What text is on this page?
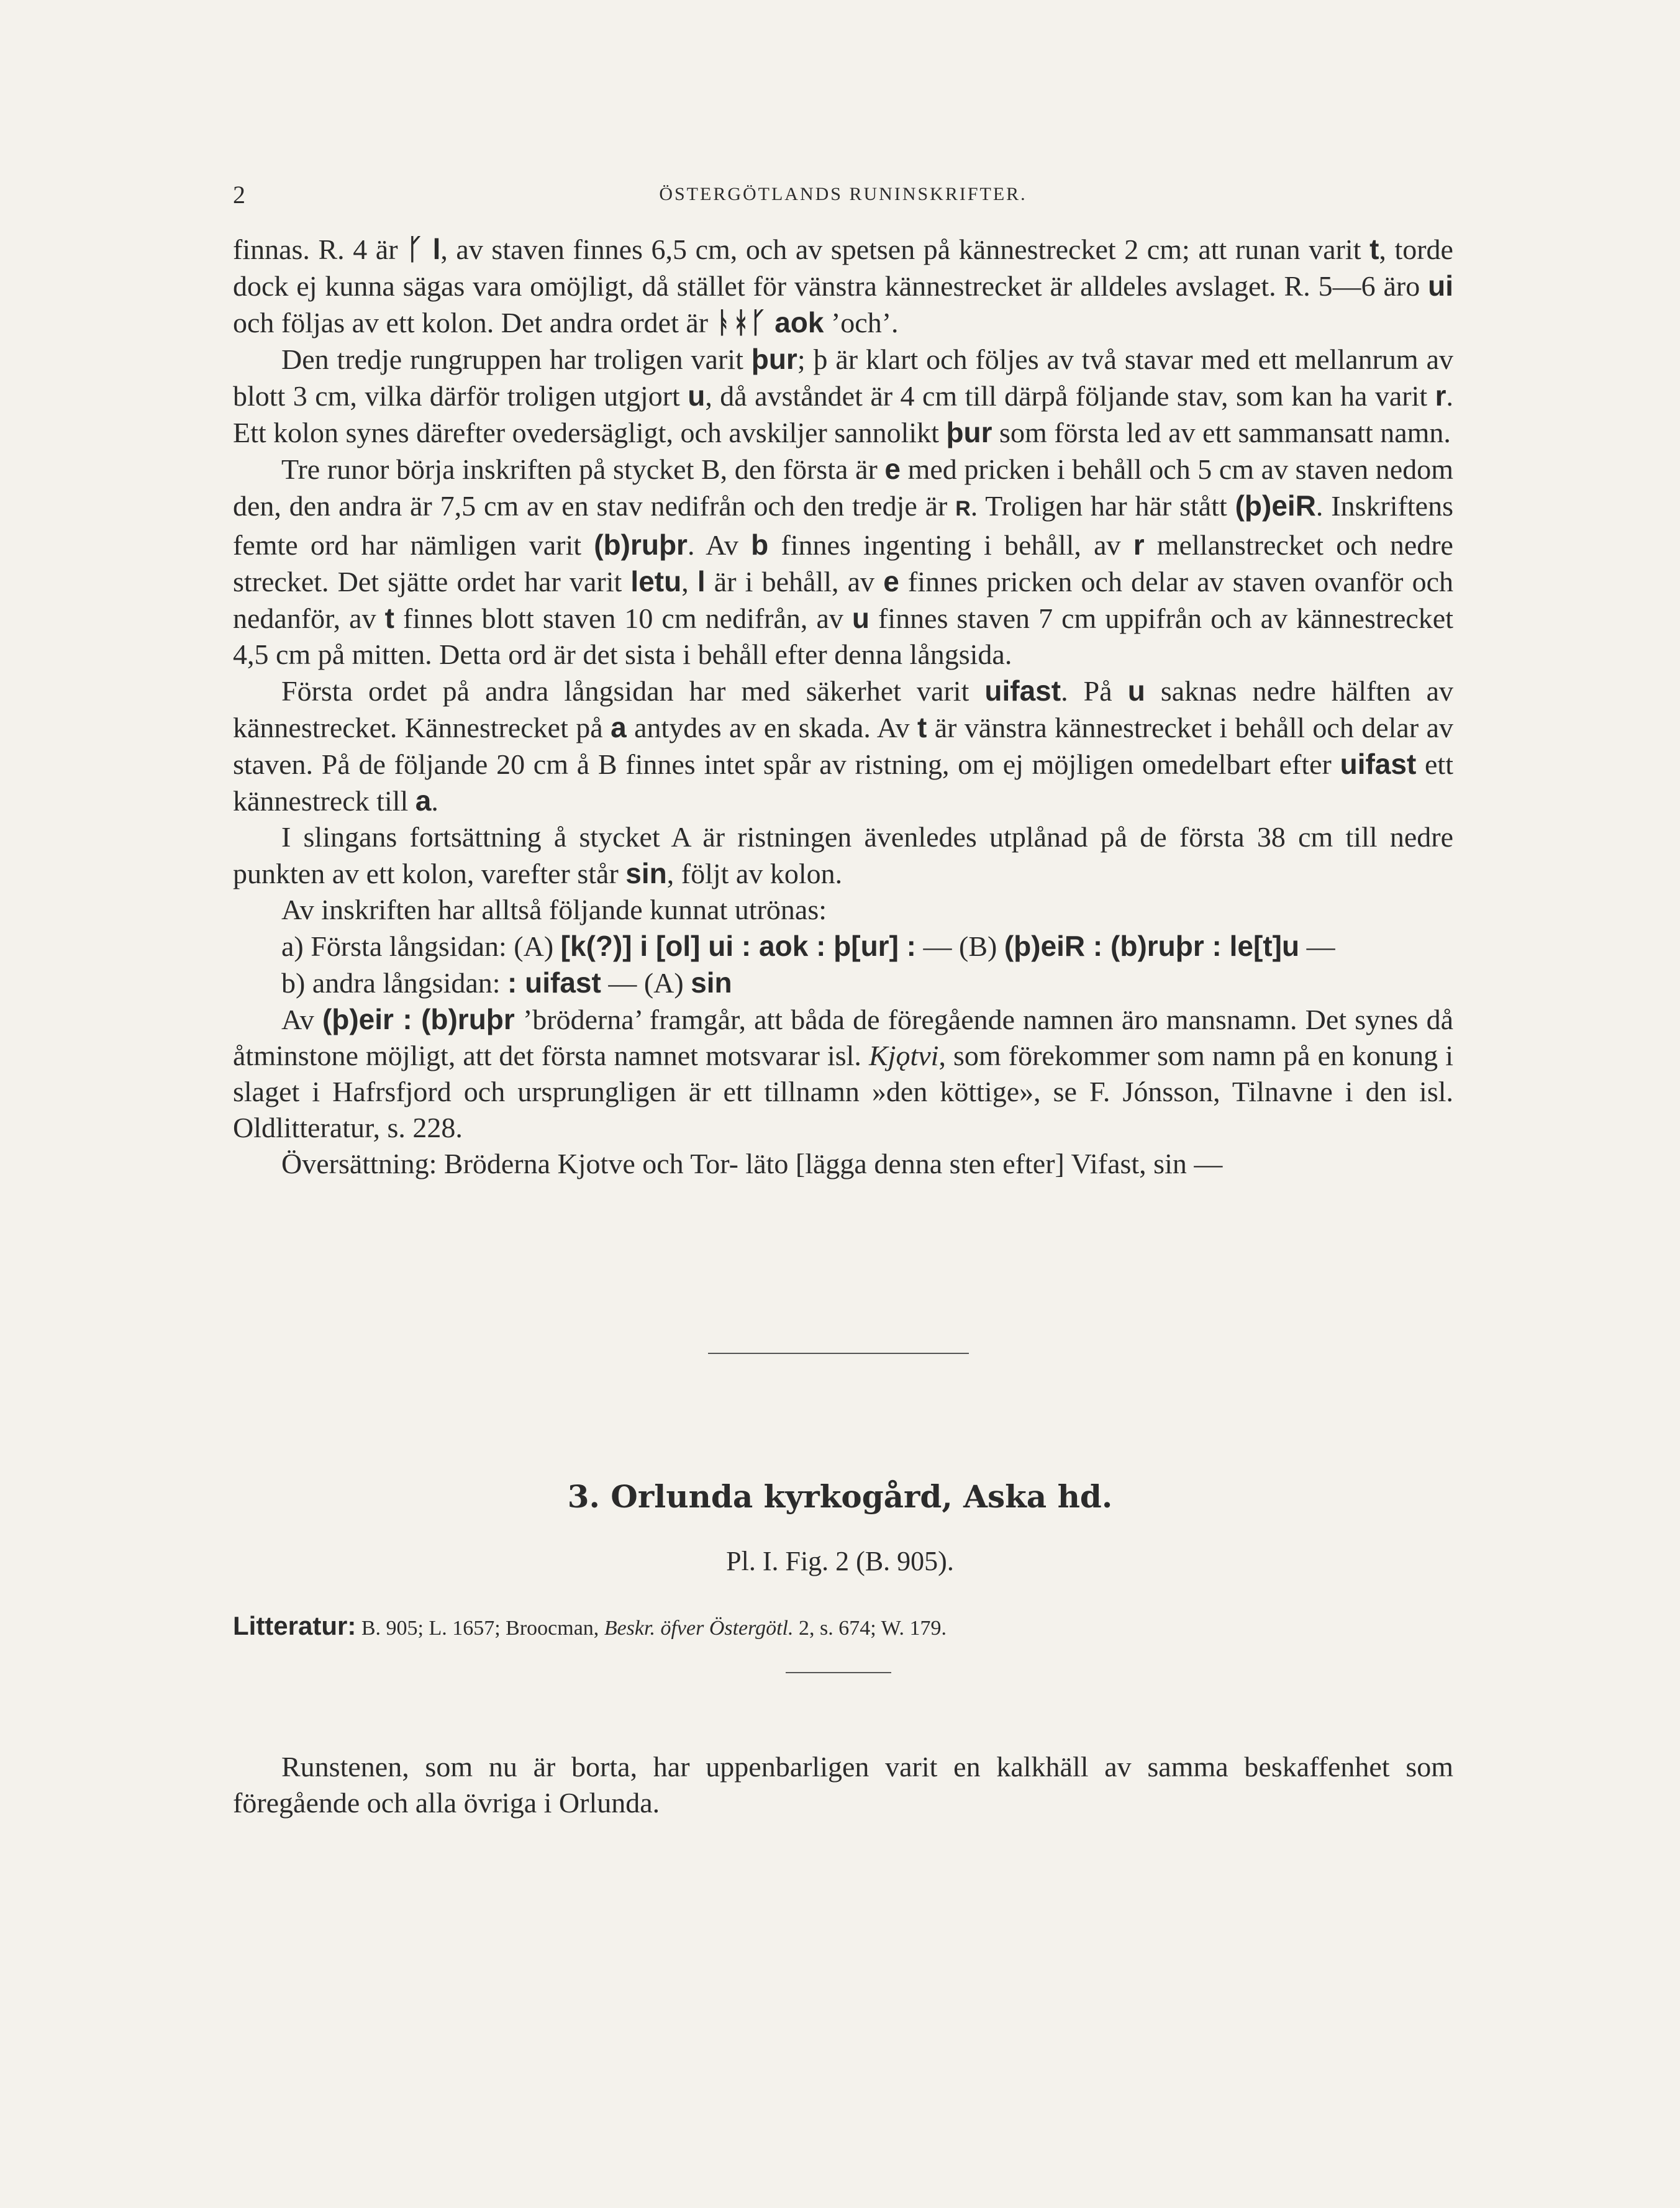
2	ÖSTERGÖTLANDS RUNINSKRIFTER.

finnas. R. 4 är ᚴ l, av staven finnes 6,5 cm, och av spetsen på kännestrecket 2 cm; att runan varit t, torde dock ej kunna sägas vara omöjligt, då stället för vänstra kännestrecket är alldeles avslaget. R. 5—6 äro ui och följas av ett kolon. Det andra ordet är ᚭᚼᚴ aok ’och’.

Den tredje rungruppen har troligen varit þur; þ är klart och följes av två stavar med ett mellanrum av blott 3 cm, vilka därför troligen utgjort u, då avståndet är 4 cm till därpå följande stav, som kan ha varit r. Ett kolon synes därefter ovedersägligt, och avskiljer sannolikt þur som första led av ett sammansatt namn.

Tre runor börja inskriften på stycket B, den första är e med pricken i behåll och 5 cm av staven nedom den, den andra är 7,5 cm av en stav nedifrån och den tredje är R. Troligen har här stått (þ)eiR. Inskriftens femte ord har nämligen varit (b)ruþr. Av b finnes ingenting i behåll, av r mellanstrecket och nedre strecket. Det sjätte ordet har varit letu, l är i behåll, av e finnes pricken och delar av staven ovanför och nedanför, av t finnes blott staven 10 cm nedifrån, av u finnes staven 7 cm uppifrån och av kännestrecket 4,5 cm på mitten. Detta ord är det sista i behåll efter denna långsida.

Första ordet på andra långsidan har med säkerhet varit uifast. På u saknas nedre hälften av kännestrecket. Kännestrecket på a antydes av en skada. Av t är vänstra kännestrecket i behåll och delar av staven. På de följande 20 cm å B finnes intet spår av ristning, om ej möjligen omedelbart efter uifast ett kännestreck till a.

I slingans fortsättning å stycket A är ristningen ävenledes utplånad på de första 38 cm till nedre punkten av ett kolon, varefter står sin, följt av kolon.

Av inskriften har alltså följande kunnat utrönas:

a) Första långsidan: (A) [k(?)] i [ol] ui : aok : þ[ur] : — (B) (þ)eiR : (b)ruþr : le[t]u —

b) andra långsidan: : uifast — (A) sin

Av (þ)eir : (b)ruþr ’bröderna’ framgår, att båda de föregående namnen äro mansnamn. Det synes då åtminstone möjligt, att det första namnet motsvarar isl. Kjǫtvi, som förekommer som namn på en konung i slaget i Hafrsfjord och ursprungligen är ett tillnamn »den köttige», se F. Jónsson, Tilnavne i den isl. Oldlitteratur, s. 228.

Översättning: Bröderna Kjotve och Tor- läto [lägga denna sten efter] Vifast, sin —

3. Orlunda kyrkogård, Aska hd.
Pl. I. Fig. 2 (B. 905).
Litteratur: B. 905; L. 1657; Broocman, Beskr. öfver Östergötl. 2, s. 674; W. 179.

Runstenen, som nu är borta, har uppenbarligen varit en kalkhäll av samma beskaffenhet som föregående och alla övriga i Orlunda.
